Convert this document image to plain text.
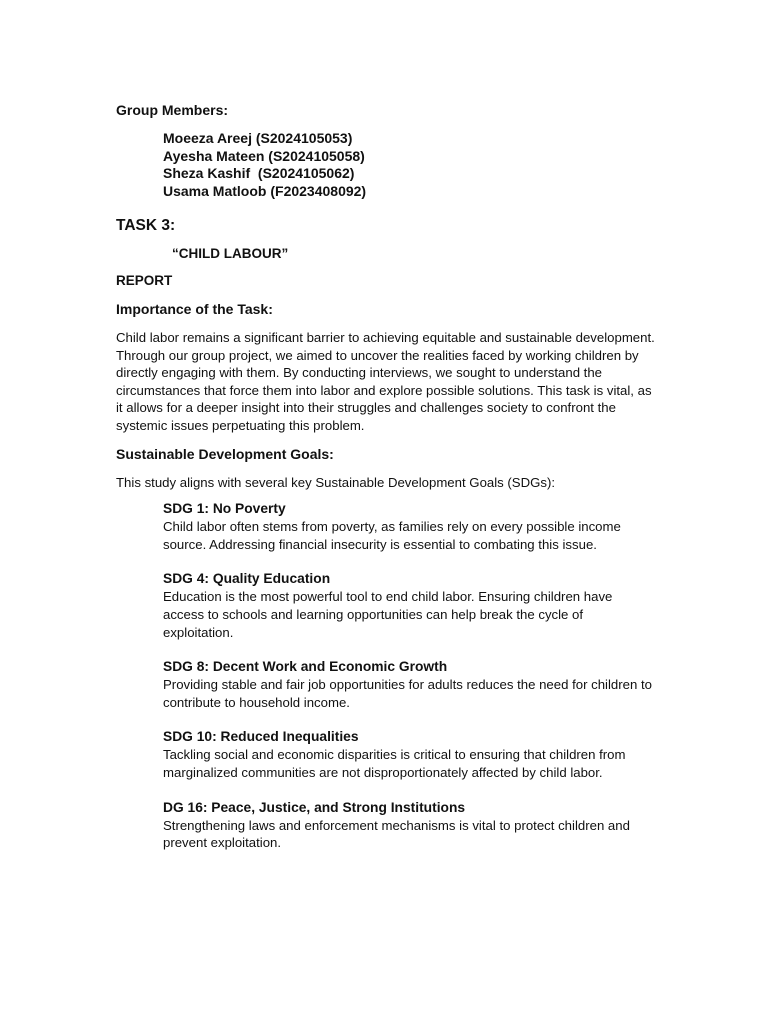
Group Members:

Moeeza Areej (S2024105053)
Ayesha Mateen (S2024105058)
Sheza Kashif  (S2024105062)
Usama Matloob (F2023408092)

TASK 3:

“CHILD LABOUR”

REPORT

Importance of the Task:

Child labor remains a significant barrier to achieving equitable and sustainable development. Through our group project, we aimed to uncover the realities faced by working children by directly engaging with them. By conducting interviews, we sought to understand the circumstances that force them into labor and explore possible solutions. This task is vital, as it allows for a deeper insight into their struggles and challenges society to confront the systemic issues perpetuating this problem.

Sustainable Development Goals:

This study aligns with several key Sustainable Development Goals (SDGs):

SDG 1: No Poverty

Child labor often stems from poverty, as families rely on every possible income source. Addressing financial insecurity is essential to combating this issue.

SDG 4: Quality Education

Education is the most powerful tool to end child labor. Ensuring children have access to schools and learning opportunities can help break the cycle of exploitation.

SDG 8: Decent Work and Economic Growth

Providing stable and fair job opportunities for adults reduces the need for children to contribute to household income.

SDG 10: Reduced Inequalities

Tackling social and economic disparities is critical to ensuring that children from marginalized communities are not disproportionately affected by child labor.

DG 16: Peace, Justice, and Strong Institutions

Strengthening laws and enforcement mechanisms is vital to protect children and prevent exploitation.
